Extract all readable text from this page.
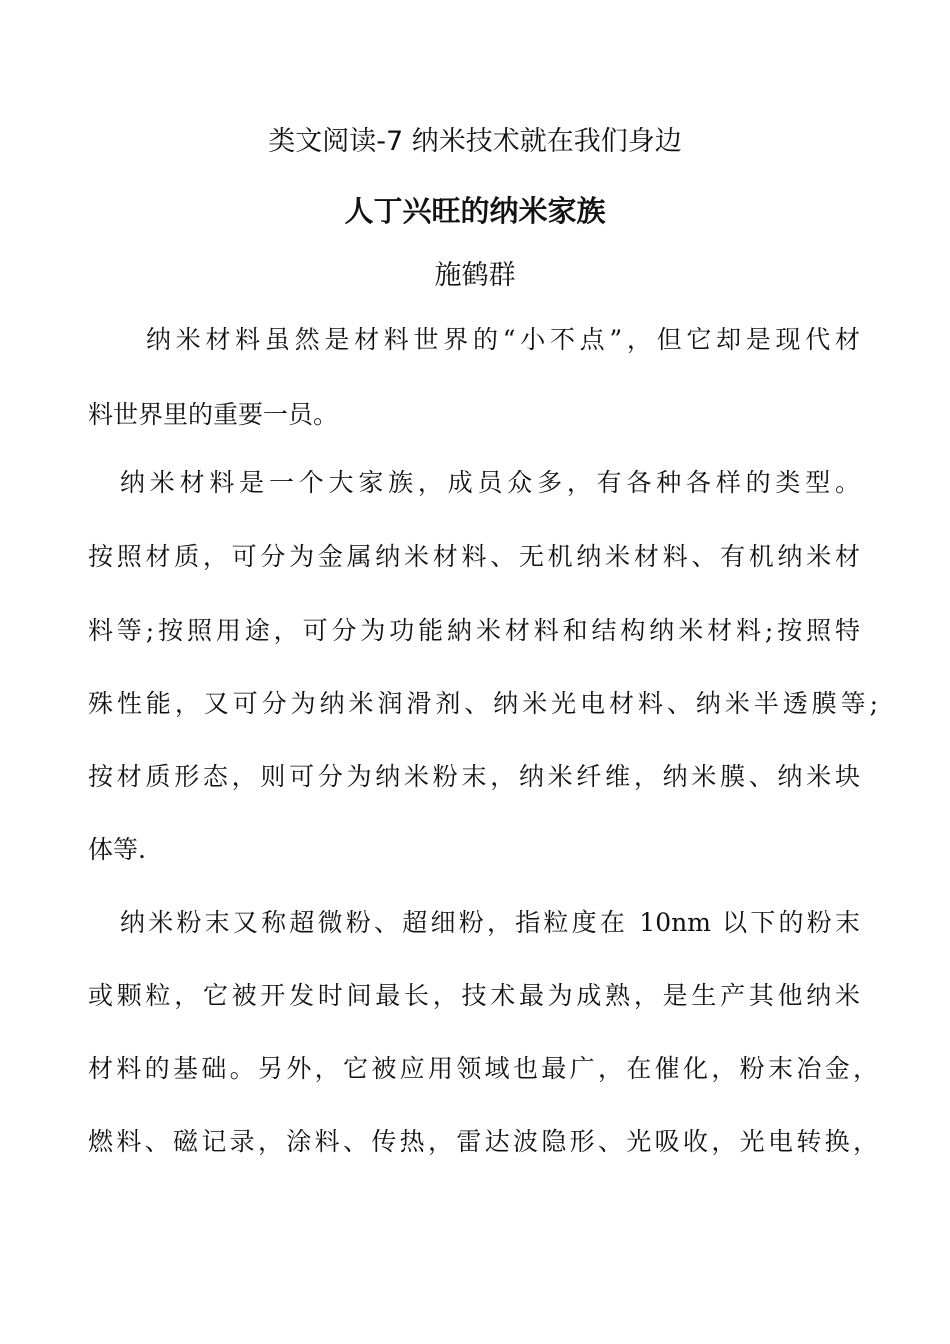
类文阅读-7 纳米技术就在我们身边
人丁兴旺的纳米家族
施鹤群
纳米材料虽然是材料世界的“小不点”，但它却是现代材
料世界里的重要一员。
纳米材料是一个大家族，成员众多，有各种各样的类型。
按照材质，可分为金属纳米材料、无机纳米材料、有机纳米材
料等;按照用途，可分为功能納米材料和结构纳米材料;按照特
殊性能，又可分为纳米润滑剂、纳米光电材料、纳米半透膜等;
按材质形态，则可分为纳米粉末，纳米纤维，纳米膜、纳米块
体等.
纳米粉末又称超微粉、超细粉，指粒度在 10nm 以下的粉末
或颗粒，它被开发时间最长，技术最为成熟，是生产其他纳米
材料的基础。另外，它被应用领域也最广，在催化，粉末冶金，
燃料、磁记录，涂料、传热，雷达波隐形、光吸收，光电转换，
